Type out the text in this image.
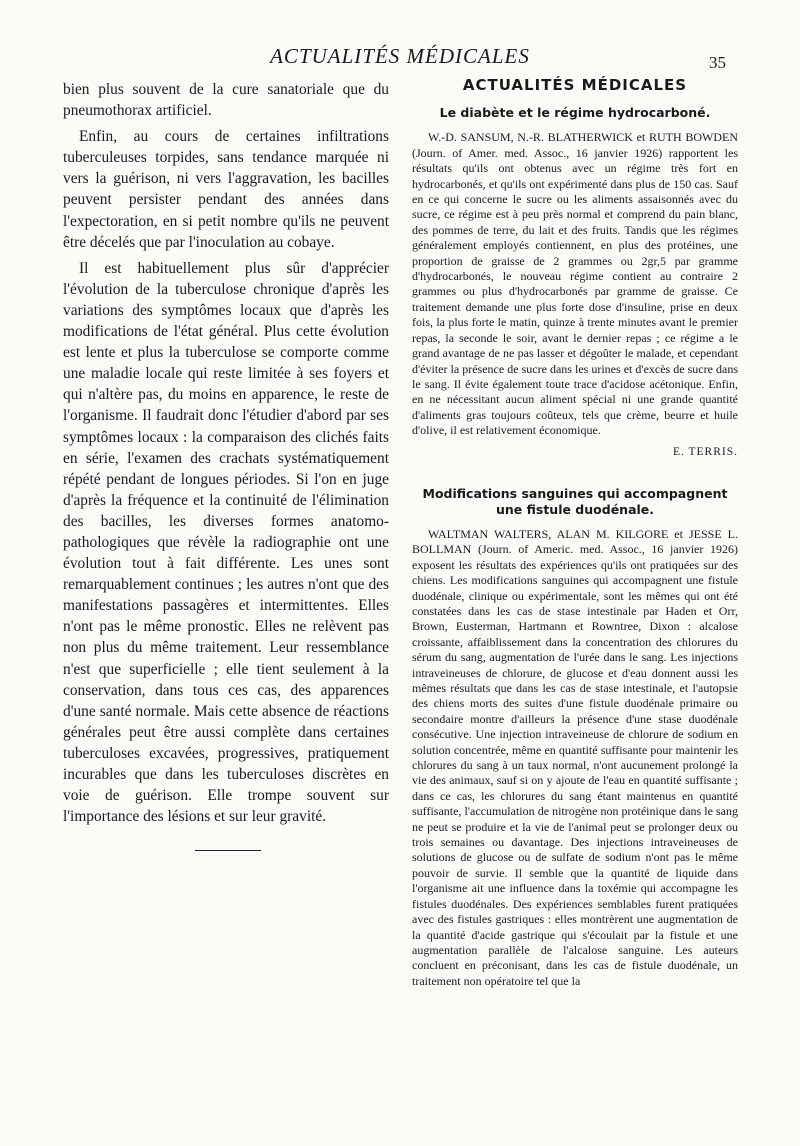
ACTUALITÉS MÉDICALES	35

bien plus souvent de la cure sanatoriale que du pneumothorax artificiel.

Enfin, au cours de certaines infiltrations tuberculeuses torpides, sans tendance marquée ni vers la guérison, ni vers l'aggravation, les bacilles peuvent persister pendant des années dans l'expectoration, en si petit nombre qu'ils ne peuvent être décelés que par l'inoculation au cobaye.

Il est habituellement plus sûr d'apprécier l'évolution de la tuberculose chronique d'après les variations des symptômes locaux que d'après les modifications de l'état général. Plus cette évolution est lente et plus la tuberculose se comporte comme une maladie locale qui reste limitée à ses foyers et qui n'altère pas, du moins en apparence, le reste de l'organisme. Il faudrait donc l'étudier d'abord par ses symptômes locaux : la comparaison des clichés faits en série, l'examen des crachats systématiquement répété pendant de longues périodes. Si l'on en juge d'après la fréquence et la continuité de l'élimination des bacilles, les diverses formes anatomo-pathologiques que révèle la radiographie ont une évolution tout à fait différente. Les unes sont remarquablement continues ; les autres n'ont que des manifestations passagères et intermittentes. Elles n'ont pas le même pronostic. Elles ne relèvent pas non plus du même traitement. Leur ressemblance n'est que superficielle ; elle tient seulement à la conservation, dans tous ces cas, des apparences d'une santé normale. Mais cette absence de réactions générales peut être aussi complète dans certaines tuberculoses excavées, progressives, pratiquement incurables que dans les tuberculoses discrètes en voie de guérison. Elle trompe souvent sur l'importance des lésions et sur leur gravité.

ACTUALITÉS MÉDICALES
Le diabète et le régime hydrocarboné.

W.-D. SANSUM, N.-R. BLATHERWICK et RUTH BOWDEN (Journ. of Amer. med. Assoc., 16 janvier 1926) rapportent les résultats qu'ils ont obtenus avec un régime très fort en hydrocarbonés, et qu'ils ont expérimenté dans plus de 150 cas. Sauf en ce qui concerne le sucre ou les aliments assaisonnés avec du sucre, ce régime est à peu près normal et comprend du pain blanc, des pommes de terre, du lait et des fruits. Tandis que les régimes généralement employés contiennent, en plus des protéines, une proportion de graisse de 2 grammes ou 2gr,5 par gramme d'hydrocarbonés, le nouveau régime contient au contraire 2 grammes ou plus d'hydrocarbonés par gramme de graisse. Ce traitement demande une plus forte dose d'insuline, prise en deux fois, la plus forte le matin, quinze à trente minutes avant le premier repas, la seconde le soir, avant le dernier repas ; ce régime a le grand avantage de ne pas lasser et dégoûter le malade, et cependant d'éviter la présence de sucre dans les urines et d'excès de sucre dans le sang. Il évite également toute trace d'acidose acétonique. Enfin, en ne nécessitant aucun aliment spécial ni une grande quantité d'aliments gras toujours coûteux, tels que crème, beurre et huile d'olive, il est relativement économique.

E. TERRIS.
Modifications sanguines qui accompagnent une fistule duodénale.

WALTMAN WALTERS, ALAN M. KILGORE et JESSE L. BOLLMAN (Journ. of Americ. med. Assoc., 16 janvier 1926) exposent les résultats des expériences qu'ils ont pratiquées sur des chiens. Les modifications sanguines qui accompagnent une fistule duodénale, clinique ou expérimentale, sont les mêmes qui ont été constatées dans les cas de stase intestinale par Haden et Orr, Brown, Eusterman, Hartmann et Rowntree, Dixon : alcalose croissante, affaiblissement dans la concentration des chlorures du sérum du sang, augmentation de l'urée dans le sang. Les injections intraveineuses de chlorure, de glucose et d'eau donnent aussi les mêmes résultats que dans les cas de stase intestinale, et l'autopsie des chiens morts des suites d'une fistule duodénale primaire ou secondaire montre d'ailleurs la présence d'une stase duodénale consécutive. Une injection intraveineuse de chlorure de sodium en solution concentrée, même en quantité suffisante pour maintenir les chlorures du sang à un taux normal, n'ont aucunement prolongé la vie des animaux, sauf si on y ajoute de l'eau en quantité suffisante ; dans ce cas, les chlorures du sang étant maintenus en quantité suffisante, l'accumulation de nitrogène non protéinique dans le sang ne peut se produire et la vie de l'animal peut se prolonger deux ou trois semaines ou davantage. Des injections intraveineuses de solutions de glucose ou de sulfate de sodium n'ont pas le même pouvoir de survie. Il semble que la quantité de liquide dans l'organisme ait une influence dans la toxémie qui accompagne les fistules duodénales. Des expériences semblables furent pratiquées avec des fistules gastriques : elles montrèrent une augmentation de la quantité d'acide gastrique qui s'écoulait par la fistule et une augmentation parallèle de l'alcalose sanguine. Les auteurs concluent en préconisant, dans les cas de fistule duodénale, un traitement non opératoire tel que la
